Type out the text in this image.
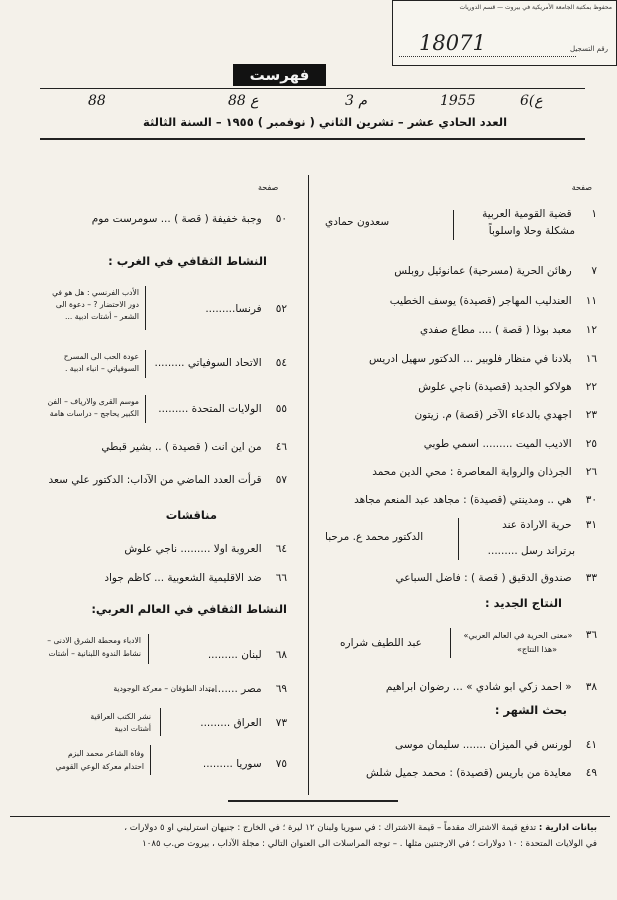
محفوظ بمكتبة الجامعة الأمريكية في بيروت — قسم الدوريات
رقم التسجيل
18071
فهرست
88	ع 88	م 3	1955	6(ع
العدد الحادي عشر – تشرين الثاني ( نوفمبر ) ١٩٥٥ – السنة الثالثة
صفحة
صفحة
١ قضية القومية العربية
مشكلة وحلا واسلوباً
سعدون حمادي
٧ رهائن الحرية (مسرحية) عمانوئيل روبلس
١١ العندليب المهاجر (قصيدة) يوسف الخطيب
١٢ معبد بوذا ( قصة ) .... مطاع صفدي
١٦ بلادنا في منظار فلوبير ... الدكتور سهيل ادريس
٢٢ هولاكو الجديد (قصيدة) ناجي علوش
٢٣ اجهدي بالدعاء الآخر (قصة) م. زيتون
٢٥ الاديب الميت ......... اسمي طوبي
٢٦ الجرذان والرواية المعاصرة : محي الدين محمد
٣٠ هي .. ومدينتي (قصيدة) : مجاهد عبد المنعم مجاهد
٣١ حرية الارادة عند
برتراند رسل .........
الدكتور محمد ع. مرحبا
٣٣ صندوق الدقيق ( قصة ) : فاضل السباعي
النتاج الجديد :
٣٦ «معنى الحرية في العالم العربي»
«هذا النتاج»
عبد اللطيف شراره
٣٨ « احمد زكي ابو شادي » ... رضوان ابراهيم
بحث الشهر :
٤١ لورنس في الميزان ....... سليمان موسى
٤٩ معايدة من باريس (قصيدة) : محمد جميل شلش
٥٠ وجبة خفيفة ( قصة ) ... سومرست موم
النشاط الثقافي في الغرب :
٥٢ فرنسا.........
الأدب الفرنسي : هل هو في
دور الاحتضار ? – دعوة الى
الشعر – أشتات ادبية ...
٥٤ الاتحاد السوفياتي .........
عودة الحب الى المسرح
السوفياتي – انباء ادبية .
٥٥ الولايات المتحدة .........
موسم القرى والارياف – الفن
الكبير يحاجج – دراسات هامة
٤٦ من اين انت ( قصيدة ) .. بشير قبطي
٥٧ قرأت العدد الماضي من الآداب: الدكتور علي سعد
مناقشات
٦٤ العروبة اولا ......... ناجي علوش
٦٦ ضد الاقليمية الشعوبية ... كاظم جواد
النشاط الثقافي في العالم العربي:
٦٨ لبنان .........
الادباء ومحطة الشرق الادنى –
نشاط الندوة اللبنانية – أشتات
٦٩ مصر .........
امتداد الطوفان – معركة الوجودية
٧٣ العراق .........
نشر الكتب العراقية
أشتات ادبية
٧٥ سوريا .........
وفاة الشاعر محمد البزم
احتدام معركة الوعي القومي
بيانات ادارية : تدفع قيمة الاشتراك مقدماً – قيمة الاشتراك : في سوريا ولبنان ١٢ ليرة ؛ في الخارج : جنيهان استرليني او ٥ دولارات ،
في الولايات المتحدة : ١٠ دولارات ؛ في الارجنتين مثلها . – توجه المراسلات الى العنوان التالي : مجلة الآداب ، بيروت ص.ب ١٠٨٥
